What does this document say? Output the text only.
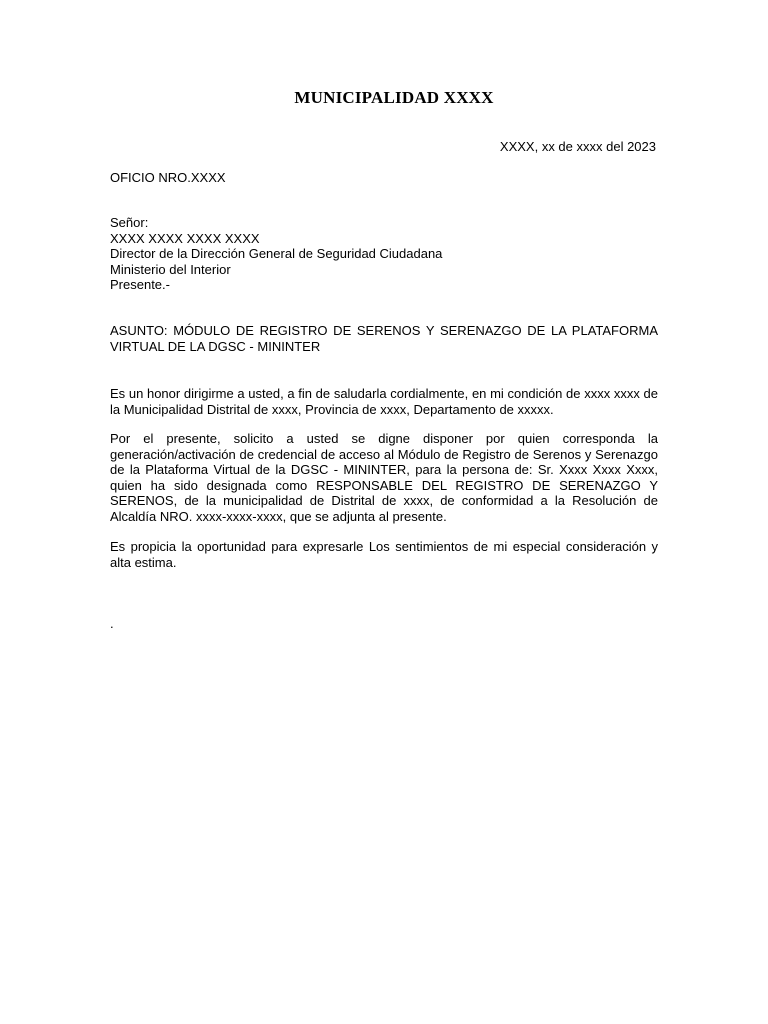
MUNICIPALIDAD XXXX
XXXX, xx de xxxx del 2023
OFICIO NRO.XXXX
Señor:
XXXX XXXX XXXX XXXX
Director de la Dirección General de Seguridad Ciudadana
Ministerio del Interior
Presente.-
ASUNTO: MÓDULO DE REGISTRO DE SERENOS Y SERENAZGO DE LA PLATAFORMA VIRTUAL DE LA DGSC - MININTER
Es un honor dirigirme a usted, a fin de saludarla cordialmente, en mi condición de xxxx xxxx de la Municipalidad Distrital de xxxx, Provincia de xxxx, Departamento de xxxxx.
Por el presente, solicito a usted se digne disponer por quien corresponda la generación/activación de credencial de acceso al Módulo de Registro de Serenos y Serenazgo de la Plataforma Virtual de la DGSC - MININTER, para la persona de: Sr. Xxxx Xxxx Xxxx, quien ha sido designada como RESPONSABLE DEL REGISTRO DE SERENAZGO Y SERENOS, de la municipalidad de Distrital de xxxx, de conformidad a la Resolución de Alcaldía NRO. xxxx-xxxx-xxxx, que se adjunta al presente.
Es propicia la oportunidad para expresarle Los sentimientos de mi especial consideración y alta estima.
.
